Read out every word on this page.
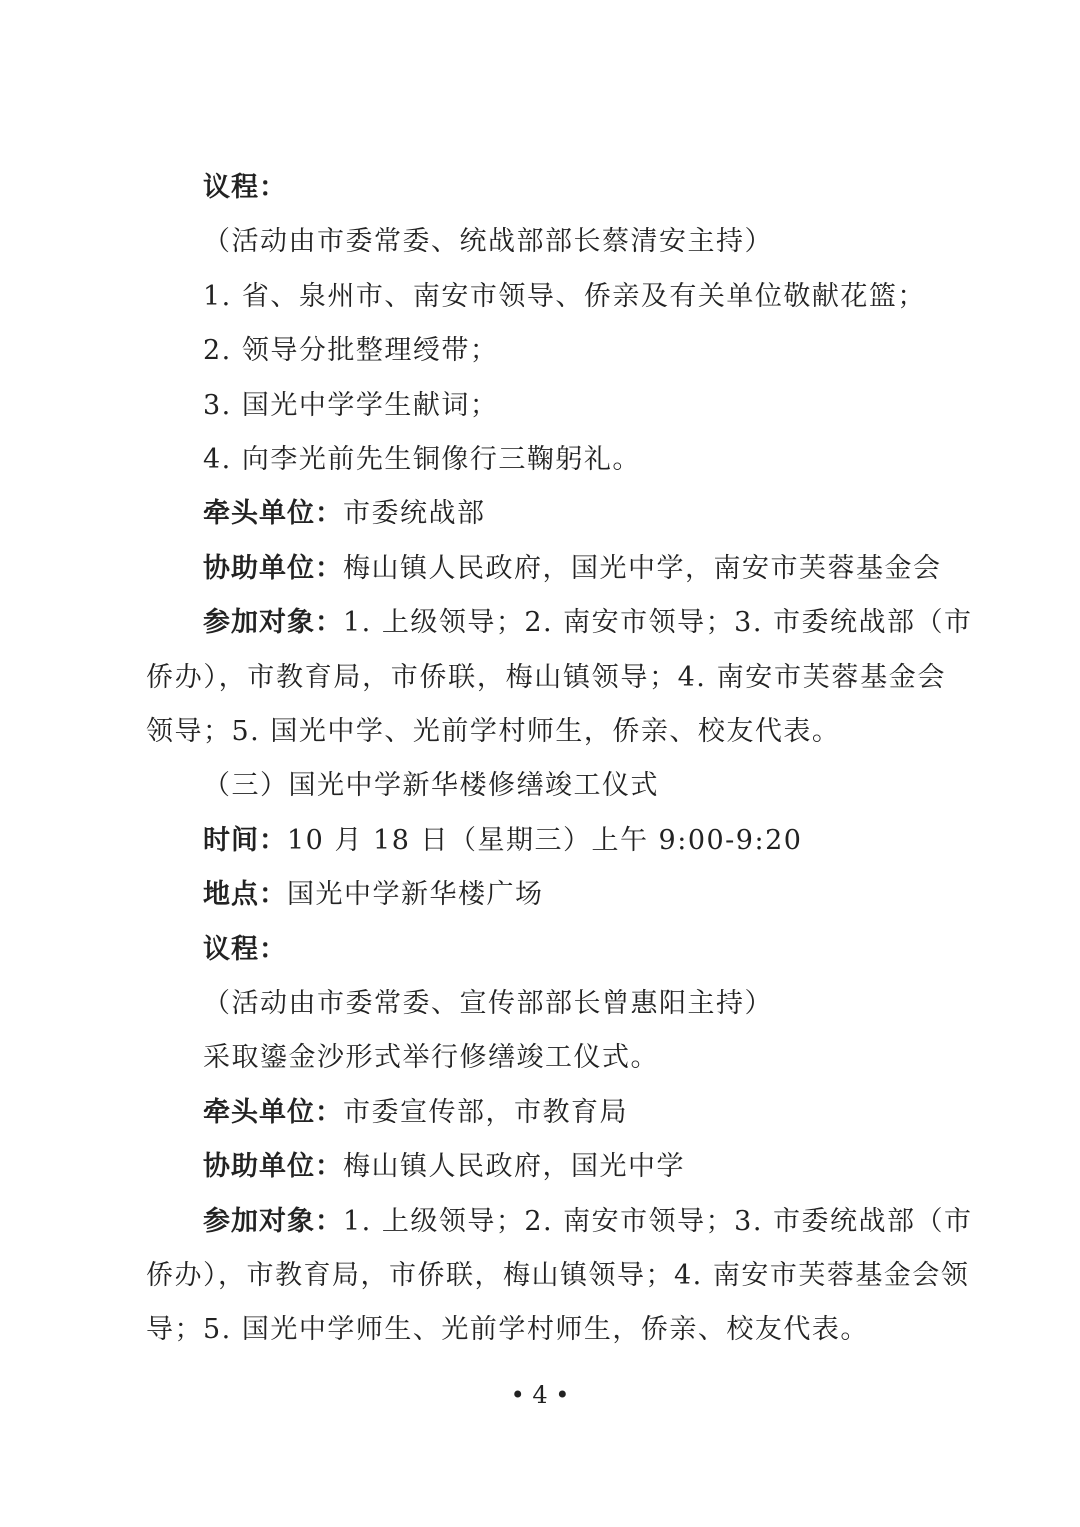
议程：
（活动由市委常委、统战部部长蔡清安主持）
1. 省、泉州市、南安市领导、侨亲及有关单位敬献花篮；
2. 领导分批整理绶带；
3. 国光中学学生献词；
4. 向李光前先生铜像行三鞠躬礼。
牵头单位：市委统战部
协助单位：梅山镇人民政府，国光中学，南安市芙蓉基金会
参加对象：1. 上级领导；2. 南安市领导；3. 市委统战部（市
侨办），市教育局，市侨联，梅山镇领导；4. 南安市芙蓉基金会
领导；5. 国光中学、光前学村师生，侨亲、校友代表。
（三）国光中学新华楼修缮竣工仪式
时间：10 月 18 日（星期三）上午 9:00-9:20
地点：国光中学新华楼广场
议程：
（活动由市委常委、宣传部部长曾惠阳主持）
采取鎏金沙形式举行修缮竣工仪式。
牵头单位：市委宣传部，市教育局
协助单位：梅山镇人民政府，国光中学
参加对象：1. 上级领导；2. 南安市领导；3. 市委统战部（市
侨办），市教育局，市侨联，梅山镇领导；4. 南安市芙蓉基金会领
导；5. 国光中学师生、光前学村师生，侨亲、校友代表。
• 4 •
